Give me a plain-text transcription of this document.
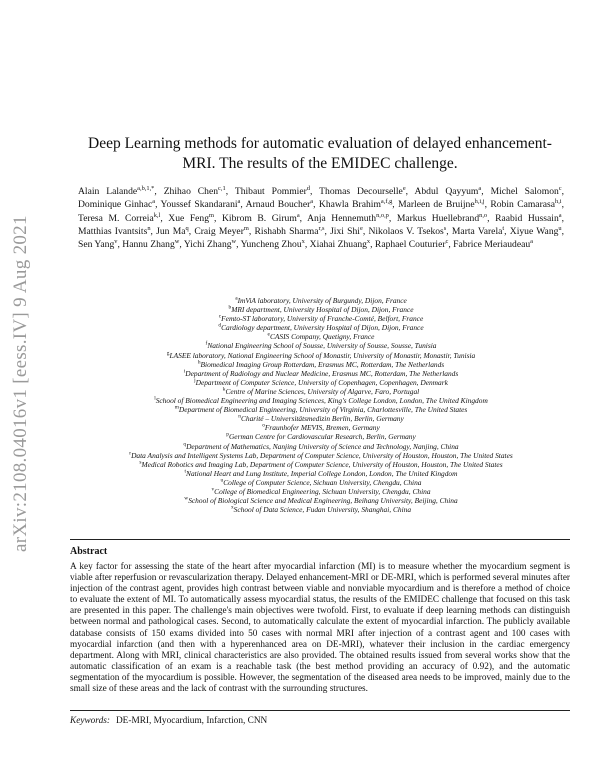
arXiv:2108.04016v1 [eess.IV] 9 Aug 2021
Deep Learning methods for automatic evaluation of delayed enhancement-MRI. The results of the EMIDEC challenge.
Alain Lalande$^{a,b,1,*}$, Zhihao Chen$^{c,1}$, Thibaut Pommier$^d$, Thomas Decourselle$^e$, Abdul Qayyum$^a$, Michel Salomon$^c$, Dominique Ginhac$^a$, Youssef Skandarani$^a$, Arnaud Boucher$^a$, Khawla Brahim$^{a,f,g}$, Marleen de Bruijne$^{h,i,j}$, Robin Camarasa$^{h,i}$, Teresa M. Correia$^{k,l}$, Xue Feng$^m$, Kibrom B. Girum$^a$, Anja Hennemuth$^{n,o,p}$, Markus Huellebrand$^{n,o}$, Raabid Hussain$^a$, Matthias Ivantsits$^n$, Jun Ma$^q$, Craig Meyer$^m$, Rishabh Sharma$^{r,s}$, Jixi Shi$^e$, Nikolaos V. Tsekos$^s$, Marta Varela$^t$, Xiyue Wang$^u$, Sen Yang$^v$, Hannu Zhang$^w$, Yichi Zhang$^w$, Yuncheng Zhou$^x$, Xiahai Zhuang$^x$, Raphael Couturier$^c$, Fabrice Meriaudeau$^a$
$^a$ImViA laboratory, University of Burgundy, Dijon, France
$^b$MRI department, University Hospital of Dijon, Dijon, France
$^c$Femto-ST laboratory, University of Franche-Comté, Belfort, France
$^d$Cardiology department, University Hospital of Dijon, Dijon, France
$^e$CASIS Company, Quetigny, France
$^f$National Engineering School of Sousse, University of Sousse, Sousse, Tunisia
$^g$LASEE laboratory, National Engineering School of Monastir, University of Monastir, Monastir, Tunisia
$^h$Biomedical Imaging Group Rotterdam, Erasmus MC, Rotterdam, The Netherlands
$^i$Department of Radiology and Nuclear Medicine, Erasmus MC, Rotterdam, The Netherlands
$^j$Department of Computer Science, University of Copenhagen, Copenhagen, Denmark
$^k$Centre of Marine Sciences, University of Algarve, Faro, Portugal
$^l$School of Biomedical Engineering and Imaging Sciences, King's College London, London, The United Kingdom
$^m$Department of Biomedical Engineering, University of Virginia, Charlottesville, The United States
$^n$Charité – Universitätsmedizin Berlin, Berlin, Germany
$^o$Fraunhofer MEVIS, Bremen, Germany
$^p$German Centre for Cardiovascular Research, Berlin, Germany
$^q$Department of Mathematics, Nanjing University of Science and Technology, Nanjing, China
$^r$Data Analysis and Intelligent Systems Lab, Department of Computer Science, University of Houston, Houston, The United States
$^s$Medical Robotics and Imaging Lab, Department of Computer Science, University of Houston, Houston, The United States
$^t$National Heart and Lung Institute, Imperial College London, London, The United Kingdom
$^u$College of Computer Science, Sichuan University, Chengdu, China
$^v$College of Biomedical Engineering, Sichuan University, Chengdu, China
$^w$School of Biological Science and Medical Engineering, Beihang University, Beijing, China
$^x$School of Data Science, Fudan University, Shanghai, China
Abstract
A key factor for assessing the state of the heart after myocardial infarction (MI) is to measure whether the myocardium segment is viable after reperfusion or revascularization therapy. Delayed enhancement-MRI or DE-MRI, which is performed several minutes after injection of the contrast agent, provides high contrast between viable and nonviable myocardium and is therefore a method of choice to evaluate the extent of MI. To automatically assess myocardial status, the results of the EMIDEC challenge that focused on this task are presented in this paper. The challenge's main objectives were twofold. First, to evaluate if deep learning methods can distinguish between normal and pathological cases. Second, to automatically calculate the extent of myocardial infarction. The publicly available database consists of 150 exams divided into 50 cases with normal MRI after injection of a contrast agent and 100 cases with myocardial infarction (and then with a hyperenhanced area on DE-MRI), whatever their inclusion in the cardiac emergency department. Along with MRI, clinical characteristics are also provided. The obtained results issued from several works show that the automatic classification of an exam is a reachable task (the best method providing an accuracy of 0.92), and the automatic segmentation of the myocardium is possible. However, the segmentation of the diseased area needs to be improved, mainly due to the small size of these areas and the lack of contrast with the surrounding structures.
Keywords: DE-MRI, Myocardium, Infarction, CNN
